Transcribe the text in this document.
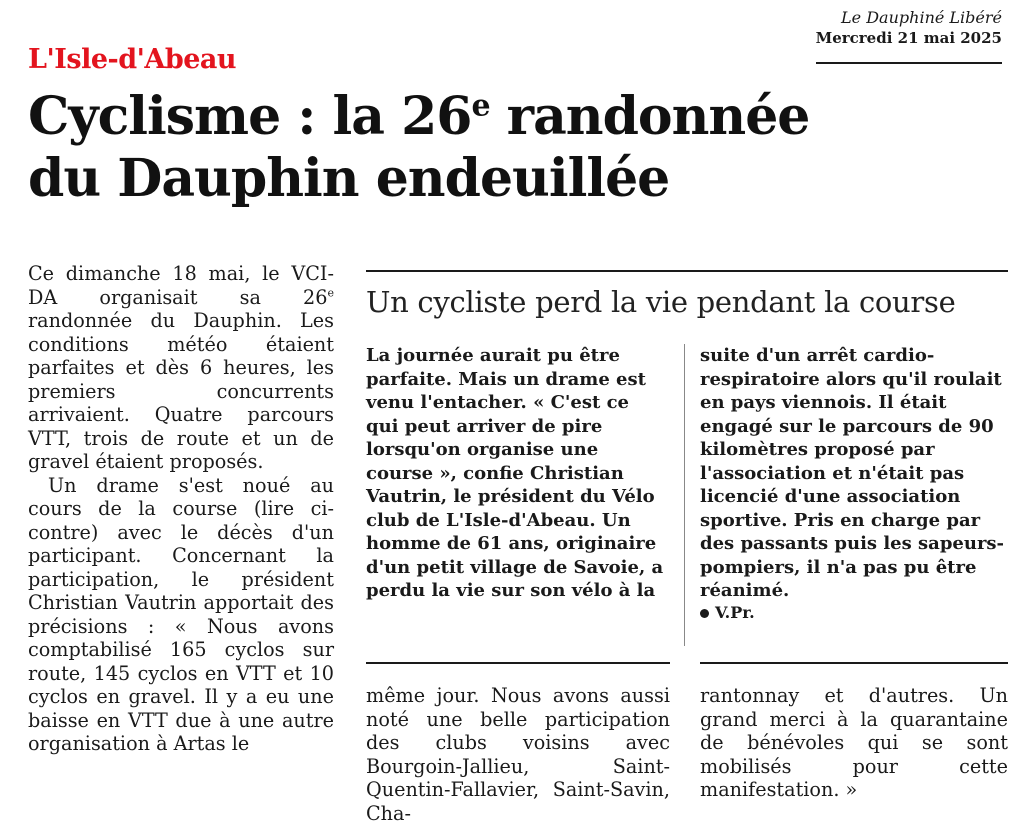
Le Dauphiné Libéré
Mercredi 21 mai 2025
L'Isle-d'Abeau
Cyclisme : la 26e randonnée
du Dauphin endeuillée

Ce dimanche 18 mai, le VCI-DA organisait sa 26e randonnée du Dauphin. Les conditions météo étaient parfaites et dès 6 heures, les premiers concurrents arrivaient. Quatre parcours VTT, trois de route et un de gravel étaient proposés.

Un drame s'est noué au cours de la course (lire ci-contre) avec le décès d'un participant. Concernant la participation, le président Christian Vautrin apportait des précisions : « Nous avons comptabilisé 165 cyclos sur route, 145 cyclos en VTT et 10 cyclos en gravel. Il y a eu une baisse en VTT due à une autre organisation à Artas le

Un cycliste perd la vie pendant la course
La journée aurait pu être parfaite. Mais un drame est venu l'entacher. « C'est ce qui peut arriver de pire lorsqu'on organise une course », confie Christian Vautrin, le président du Vélo club de L'Isle-d'Abeau. Un homme de 61 ans, originaire d'un petit village de Savoie, a perdu la vie sur son vélo à la
suite d'un arrêt cardio-respiratoire alors qu'il roulait en pays viennois. Il était engagé sur le parcours de 90 kilomètres proposé par l'association et n'était pas licencié d'une association sportive. Pris en charge par des passants puis les sapeurs-pompiers, il n'a pas pu être réanimé.
V.Pr.
même jour. Nous avons aussi noté une belle participation des clubs voisins avec Bourgoin-Jallieu, Saint-Quentin-Fallavier, Saint-Savin, Cha-
rantonnay et d'autres. Un grand merci à la quarantaine de bénévoles qui se sont mobilisés pour cette manifestation. »
